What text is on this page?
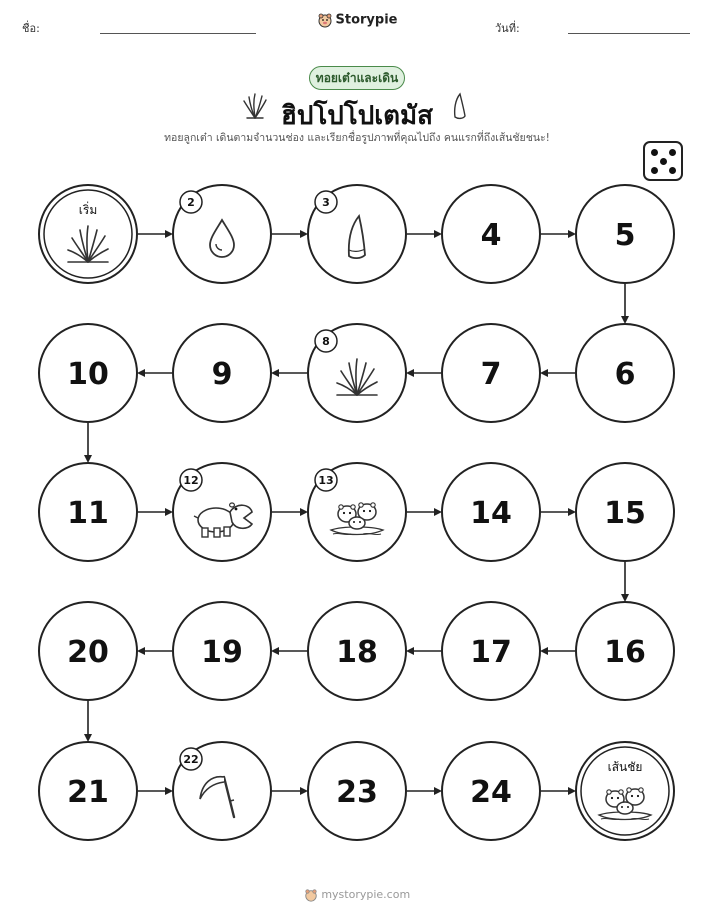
ชื่อ:
Storypie
วันที่:
ทอยเต๋าและเดิน
ฮิปโปโปเตมัส
ทอยลูกเต๋า เดินตามจำนวนช่อง และเรียกชื่อรูปภาพที่คุณไปถึง คนแรกที่ถึงเส้นชัยชนะ!
เริ่ม
2	3
4	5
6
7
8
9
10
11
12	13
14	15
16
17
18
19
20
21
22
23	24
เส้นชัย
mystorypie.com
